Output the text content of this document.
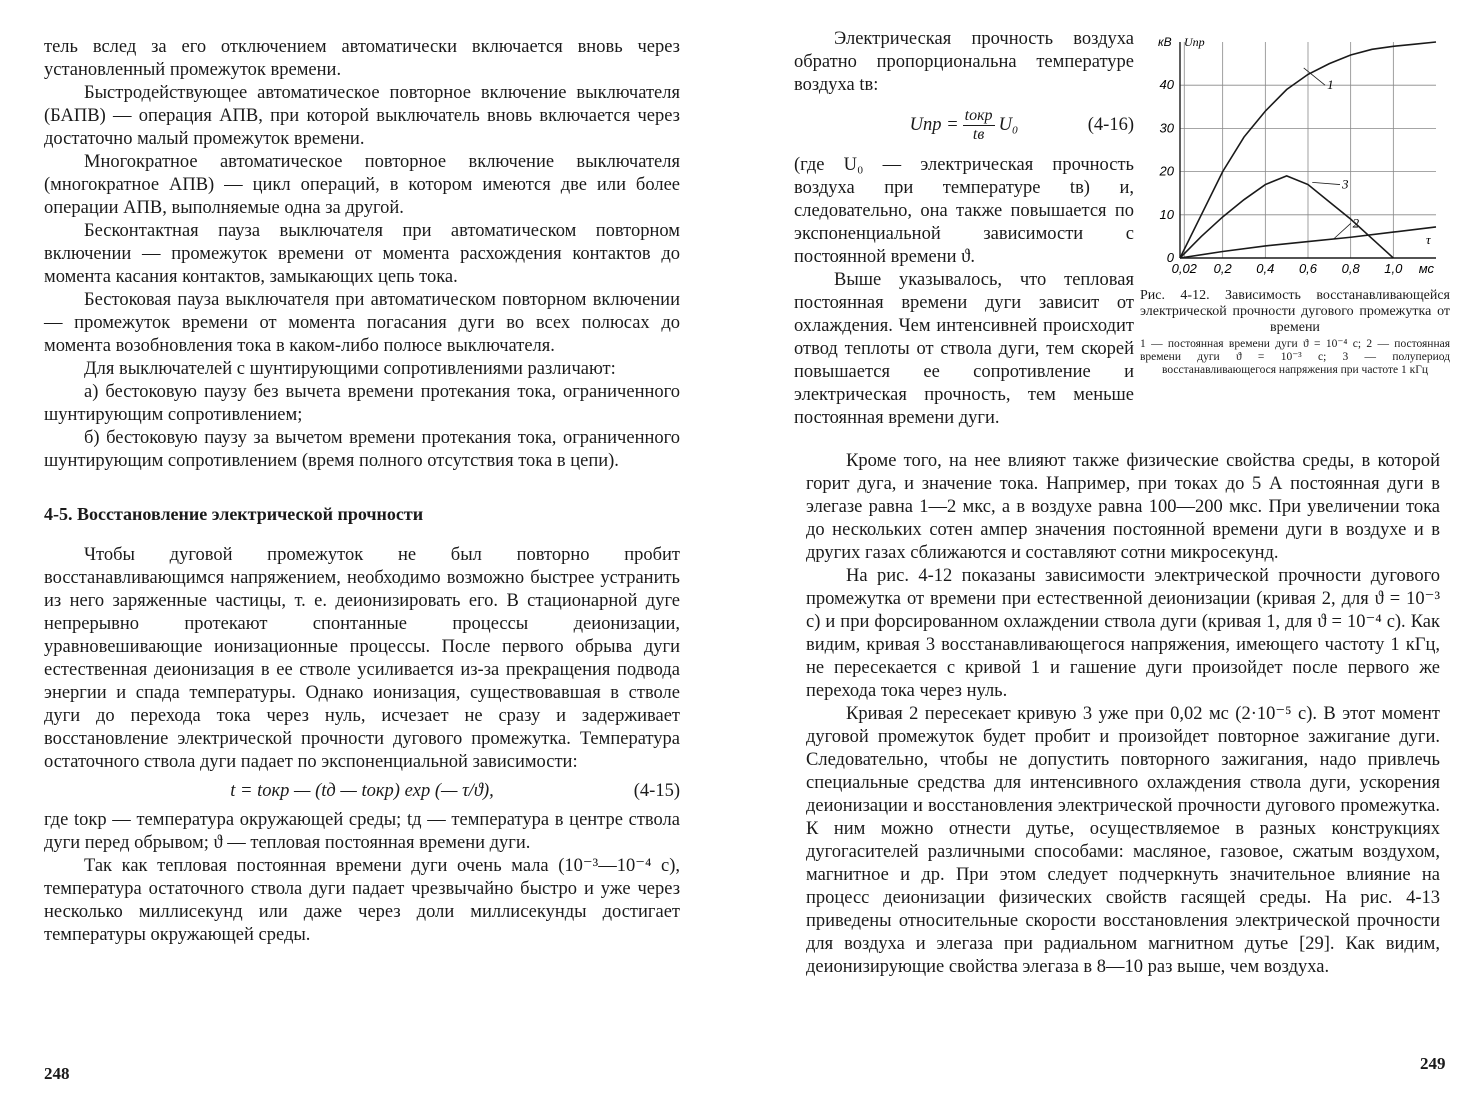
тель вслед за его отключением автоматически включается вновь через установленный промежуток времени.

Быстродействующее автоматическое повторное включение выключателя (БАПВ) — операция АПВ, при которой выключатель вновь включается через достаточно малый промежуток времени.

Многократное автоматическое повторное включение выключателя (многократное АПВ) — цикл операций, в котором имеются две или более операции АПВ, выполняемые одна за другой.

Бесконтактная пауза выключателя при автоматическом повторном включении — промежуток времени от момента расхождения контактов до момента касания контактов, замыкающих цепь тока.

Бестоковая пауза выключателя при автоматическом повторном включении — промежуток времени от момента погасания дуги во всех полюсах до момента возобновления тока в каком-либо полюсе выключателя.

Для выключателей с шунтирующими сопротивлениями различают:

а) бестоковую паузу без вычета времени протекания тока, ограниченного шунтирующим сопротивлением;

б) бестоковую паузу за вычетом времени протекания тока, ограниченного шунтирующим сопротивлением (время полного отсутствия тока в цепи).

4-5. Восстановление электрической прочности

Чтобы дуговой промежуток не был повторно пробит восстанавливающимся напряжением, необходимо возможно быстрее устранить из него заряженные частицы, т. е. деионизировать его. В стационарной дуге непрерывно протекают спонтанные процессы деионизации, уравновешивающие ионизационные процессы. После первого обрыва дуги естественная деионизация в ее стволе усиливается из-за прекращения подвода энергии и спада температуры. Однако ионизация, существовавшая в стволе дуги до перехода тока через нуль, исчезает не сразу и задерживает восстановление электрической прочности дугового промежутка. Температура остаточного ствола дуги падает по экспоненциальной зависимости:

t = tокр — (tд — tокр) exp (— τ/ϑ),	(4-15)

где tокр — температура окружающей среды; tд — температура в центре ствола дуги перед обрывом; ϑ — тепловая постоянная времени дуги.

Так как тепловая постоянная времени дуги очень мала (10⁻³—10⁻⁴ с), температура остаточного ствола дуги падает чрезвычайно быстро и уже через несколько миллисекунд или даже через доли миллисекунды достигает температуры окружающей среды.

248

Электрическая прочность воздуха обратно пропорциональна температуре воздуха tв:

Uпр = $\frac{\text{tокр}}{tв} U_0$	(4-16)

(где U₀ — электрическая прочность воздуха при температуре tв) и, следовательно, она также повышается по экспоненциальной зависимости с постоянной времени ϑ.

Выше указывалось, что тепловая постоянная времени дуги зависит от охлаждения. Чем интенсивней происходит отвод теплоты от ствола дуги, тем скорей повышается ее сопротивление и электрическая прочность, тем меньше постоянная времени дуги.

0,02 0,2 0,4 0,6 0,8 1,0
0
10
20
30
40
кВ Uпр
мс
τ
1
3
2
Рис. 4-12. Зависимость восстанавливающейся электрической прочности дугового промежутка от времени
1 — постоянная времени дуги ϑ = 10⁻⁴ с; 2 — постоянная времени дуги ϑ = 10⁻³ с; 3 — полупериод восстанавливающегося напряжения при частоте 1 кГц

Кроме того, на нее влияют также физические свойства среды, в которой горит дуга, и значение тока. Например, при токах до 5 А постоянная дуги в элегазе равна 1—2 мкс, а в воздухе равна 100—200 мкс. При увеличении тока до нескольких сотен ампер значения постоянной времени дуги в воздухе и в других газах сближаются и составляют сотни микросекунд.

На рис. 4-12 показаны зависимости электрической прочности дугового промежутка от времени при естественной деионизации (кривая 2, для ϑ = 10⁻³ с) и при форсированном охлаждении ствола дуги (кривая 1, для ϑ = 10⁻⁴ с). Как видим, кривая 3 восстанавливающегося напряжения, имеющего частоту 1 кГц, не пересекается с кривой 1 и гашение дуги произойдет после первого же перехода тока через нуль.

Кривая 2 пересекает кривую 3 уже при 0,02 мс (2·10⁻⁵ с). В этот момент дуговой промежуток будет пробит и произойдет повторное зажигание дуги. Следовательно, чтобы не допустить повторного зажигания, надо привлечь специальные средства для интенсивного охлаждения ствола дуги, ускорения деионизации и восстановления электрической прочности дугового промежутка. К ним можно отнести дутье, осуществляемое в разных конструкциях дугогасителей различными способами: масляное, газовое, сжатым воздухом, магнитное и др. При этом следует подчеркнуть значительное влияние на процесс деионизации физических свойств гасящей среды. На рис. 4-13 приведены относительные скорости восстановления электрической прочности для воздуха и элегаза при радиальном магнитном дутье [29]. Как видим, деионизирующие свойства элегаза в 8—10 раз выше, чем воздуха.

249
